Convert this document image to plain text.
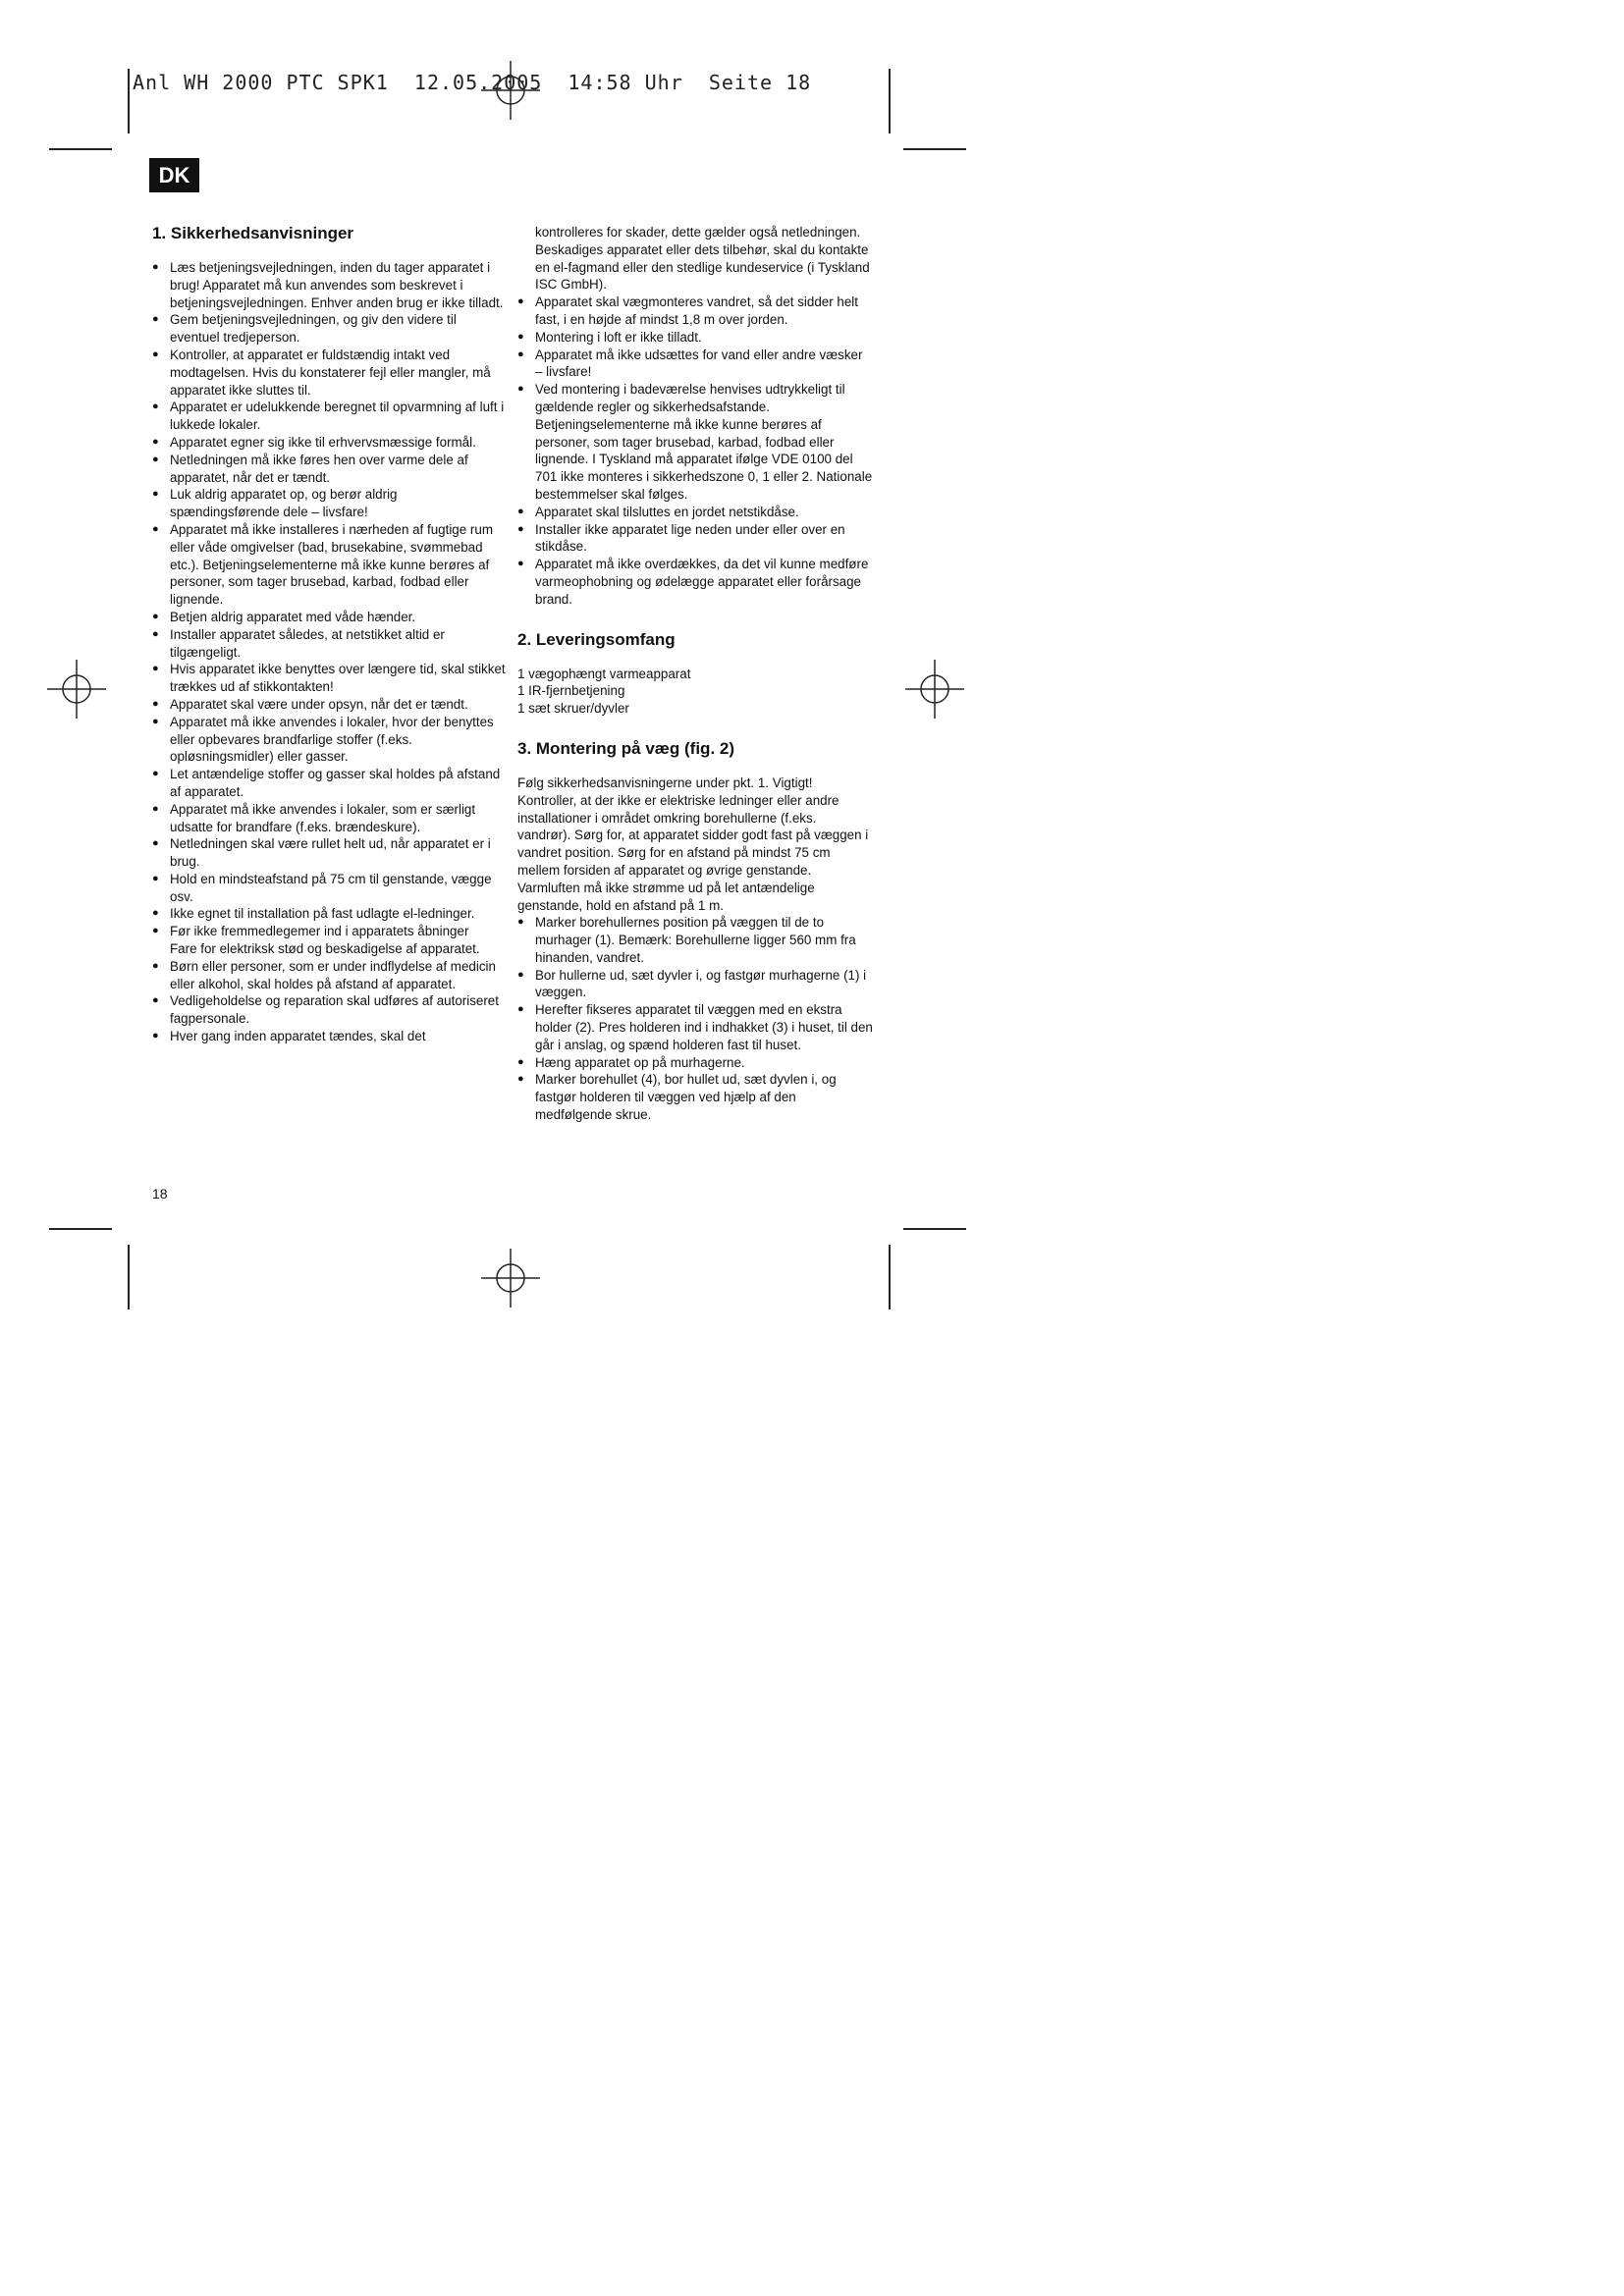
Anl WH 2000 PTC SPK1  12.05.2005  14:58 Uhr  Seite 18
DK
1. Sikkerhedsanvisninger
● Læs betjeningsvejledningen, inden du tager apparatet i brug! Apparatet må kun anvendes som beskrevet i betjeningsvejledningen. Enhver anden brug er ikke tilladt.
● Gem betjeningsvejledningen, og giv den videre til eventuel tredjeperson.
● Kontroller, at apparatet er fuldstændig intakt ved modtagelsen. Hvis du konstaterer fejl eller mangler, må apparatet ikke sluttes til.
● Apparatet er udelukkende beregnet til opvarmning af luft i lukkede lokaler.
● Apparatet egner sig ikke til erhvervsmæssige formål.
● Netledningen må ikke føres hen over varme dele af apparatet, når det er tændt.
● Luk aldrig apparatet op, og berør aldrig spændingsførende dele – livsfare!
● Apparatet må ikke installeres i nærheden af fugtige rum eller våde omgivelser (bad, brusekabine, svømmebad etc.). Betjeningselementerne må ikke kunne berøres af personer, som tager brusebad, karbad, fodbad eller lignende.
● Betjen aldrig apparatet med våde hænder.
● Installer apparatet således, at netstikket altid er tilgængeligt.
● Hvis apparatet ikke benyttes over længere tid, skal stikket trækkes ud af stikkontakten!
● Apparatet skal være under opsyn, når det er tændt.
● Apparatet må ikke anvendes i lokaler, hvor der benyttes eller opbevares brandfarlige stoffer (f.eks. opløsningsmidler) eller gasser.
● Let antændelige stoffer og gasser skal holdes på afstand af apparatet.
● Apparatet må ikke anvendes i lokaler, som er særligt udsatte for brandfare (f.eks. brændeskure).
● Netledningen skal være rullet helt ud, når apparatet er i brug.
● Hold en mindsteafstand på 75 cm til genstande, vægge osv.
● Ikke egnet til installation på fast udlagte el-ledninger.
● Før ikke fremmedlegemer ind i apparatets åbninger
Fare for elektriksk stød og beskadigelse af apparatet.
● Børn eller personer, som er under indflydelse af medicin eller alkohol, skal holdes på afstand af apparatet.
● Vedligeholdelse og reparation skal udføres af autoriseret fagpersonale.
● Hver gang inden apparatet tændes, skal det

kontrolleres for skader, dette gælder også netledningen. Beskadiges apparatet eller dets tilbehør, skal du kontakte en el-fagmand eller den stedlige kundeservice (i Tyskland ISC GmbH).

● Apparatet skal vægmonteres vandret, så det sidder helt fast, i en højde af mindst 1,8 m over jorden.
● Montering i loft er ikke tilladt.
● Apparatet må ikke udsættes for vand eller andre væsker – livsfare!
● Ved montering i badeværelse henvises udtrykkeligt til gældende regler og sikkerhedsafstande. Betjeningselementerne må ikke kunne berøres af personer, som tager brusebad, karbad, fodbad eller lignende. I Tyskland må apparatet ifølge VDE 0100 del 701 ikke monteres i sikkerhedszone 0, 1 eller 2. Nationale bestemmelser skal følges.
● Apparatet skal tilsluttes en jordet netstikdåse.
● Installer ikke apparatet lige neden under eller over en stikdåse.
● Apparatet må ikke overdækkes, da det vil kunne medføre varmeophobning og ødelægge apparatet eller forårsage brand.
2. Leveringsomfang

1 vægophængt varmeapparat

1 IR-fjernbetjening

1 sæt skruer/dyvler

3. Montering på væg (fig. 2)

Følg sikkerhedsanvisningerne under pkt. 1. Vigtigt! Kontroller, at der ikke er elektriske ledninger eller andre installationer i området omkring borehullerne (f.eks. vandrør). Sørg for, at apparatet sidder godt fast på væggen i vandret position. Sørg for en afstand på mindst 75 cm mellem forsiden af apparatet og øvrige genstande.

Varmluften må ikke strømme ud på let antændelige genstande, hold en afstand på 1 m.

● Marker borehullernes position på væggen til de to murhager (1). Bemærk: Borehullerne ligger 560 mm fra hinanden, vandret.
● Bor hullerne ud, sæt dyvler i, og fastgør murhagerne (1) i væggen.
● Herefter fikseres apparatet til væggen med en ekstra holder (2). Pres holderen ind i indhakket (3) i huset, til den går i anslag, og spænd holderen fast til huset.
● Hæng apparatet op på murhagerne.
● Marker borehullet (4), bor hullet ud, sæt dyvlen i, og fastgør holderen til væggen ved hjælp af den medfølgende skrue.
18
